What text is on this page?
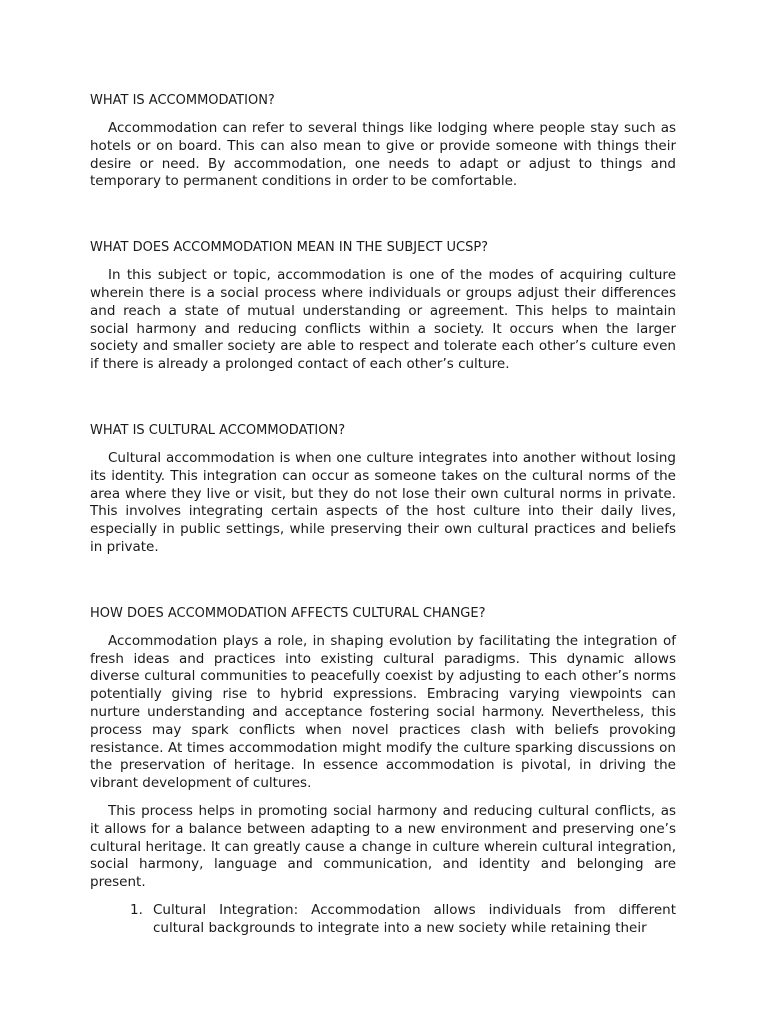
WHAT IS ACCOMMODATION?

Accommodation can refer to several things like lodging where people stay such as hotels or on board. This can also mean to give or provide someone with things their desire or need. By accommodation, one needs to adapt or adjust to things and temporary to permanent conditions in order to be comfortable.

WHAT DOES ACCOMMODATION MEAN IN THE SUBJECT UCSP?

In this subject or topic, accommodation is one of the modes of acquiring culture wherein there is a social process where individuals or groups adjust their differences and reach a state of mutual understanding or agreement. This helps to maintain social harmony and reducing conflicts within a society. It occurs when the larger society and smaller society are able to respect and tolerate each other’s culture even if there is already a prolonged contact of each other’s culture.

WHAT IS CULTURAL ACCOMMODATION?

Cultural accommodation is when one culture integrates into another without losing its identity. This integration can occur as someone takes on the cultural norms of the area where they live or visit, but they do not lose their own cultural norms in private. This involves integrating certain aspects of the host culture into their daily lives, especially in public settings, while preserving their own cultural practices and beliefs in private.

HOW DOES ACCOMMODATION AFFECTS CULTURAL CHANGE?

Accommodation plays a role, in shaping evolution by facilitating the integration of fresh ideas and practices into existing cultural paradigms. This dynamic allows diverse cultural communities to peacefully coexist by adjusting to each other’s norms potentially giving rise to hybrid expressions. Embracing varying viewpoints can nurture understanding and acceptance fostering social harmony. Nevertheless, this process may spark conflicts when novel practices clash with beliefs provoking resistance. At times accommodation might modify the culture sparking discussions on the preservation of heritage. In essence accommodation is pivotal, in driving the vibrant development of cultures.

This process helps in promoting social harmony and reducing cultural conflicts, as it allows for a balance between adapting to a new environment and preserving one’s cultural heritage. It can greatly cause a change in culture wherein cultural integration, social harmony, language and communication, and identity and belonging are present.

1. Cultural Integration: Accommodation allows individuals from different cultural backgrounds to integrate into a new society while retaining their
